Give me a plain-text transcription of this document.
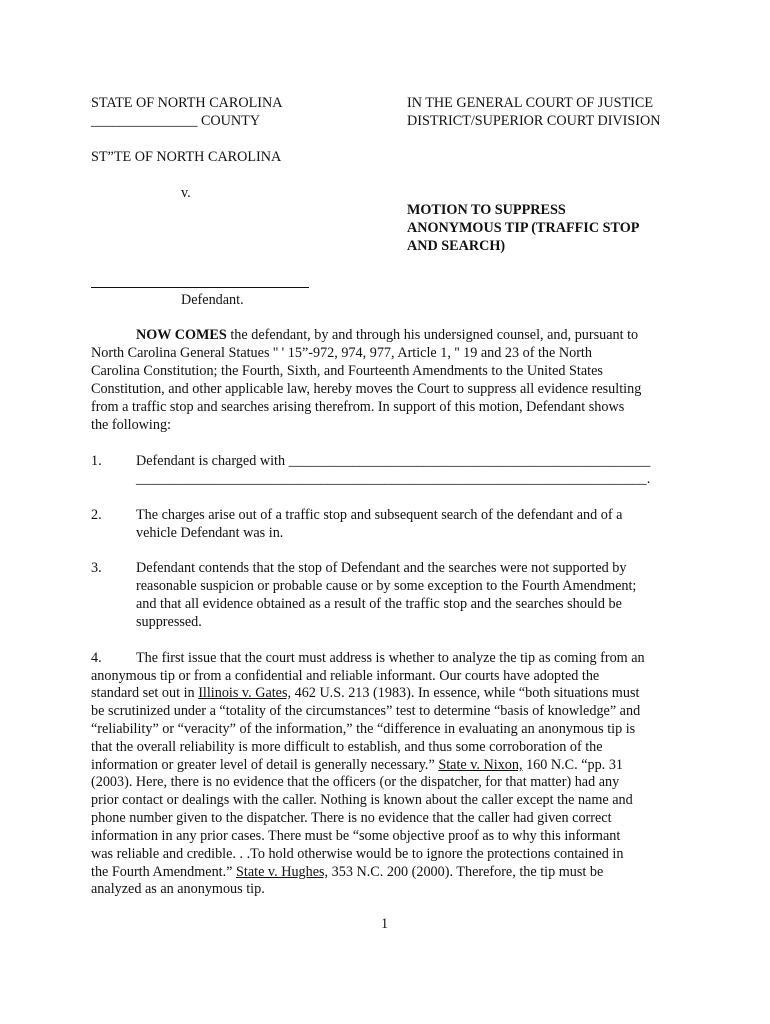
STATE OF NORTH CAROLINA
_______________ COUNTY
IN THE GENERAL COURT OF JUSTICE
DISTRICT/SUPERIOR COURT DIVISION
ST”TE OF NORTH CAROLINA
v.
MOTION TO SUPPRESS
ANONYMOUS TIP (TRAFFIC STOP
AND SEARCH)
Defendant.
NOW COMES the defendant, by and through his undersigned counsel, and, pursuant to
North Carolina General Statues '' ' 15”-972, 974, 977, Article 1, '' 19 and 23 of the North
Carolina Constitution; the Fourth, Sixth, and Fourteenth Amendments to the United States
Constitution, and other applicable law, hereby moves the Court to suppress all evidence resulting
from a traffic stop and searches arising therefrom. In support of this motion, Defendant shows
the following:
1. Defendant is charged with ___________________________________________________
________________________________________________________________________.
2. The charges arise out of a traffic stop and subsequent search of the defendant and of a
vehicle Defendant was in.
3. Defendant contends that the stop of Defendant and the searches were not supported by
reasonable suspicion or probable cause or by some exception to the Fourth Amendment;
and that all evidence obtained as a result of the traffic stop and the searches should be
suppressed.
4. The first issue that the court must address is whether to analyze the tip as coming from an
anonymous tip or from a confidential and reliable informant. Our courts have adopted the
standard set out in Illinois v. Gates, 462 U.S. 213 (1983). In essence, while “both situations must
be scrutinized under a “totality of the circumstances” test to determine “basis of knowledge” and
“reliability” or “veracity” of the information,” the “difference in evaluating an anonymous tip is
that the overall reliability is more difficult to establish, and thus some corroboration of the
information or greater level of detail is generally necessary.” State v. Nixon, 160 N.C. “pp. 31
(2003). Here, there is no evidence that the officers (or the dispatcher, for that matter) had any
prior contact or dealings with the caller. Nothing is known about the caller except the name and
phone number given to the dispatcher. There is no evidence that the caller had given correct
information in any prior cases. There must be “some objective proof as to why this informant
was reliable and credible. . .To hold otherwise would be to ignore the protections contained in
the Fourth Amendment.” State v. Hughes, 353 N.C. 200 (2000). Therefore, the tip must be
analyzed as an anonymous tip.
1
